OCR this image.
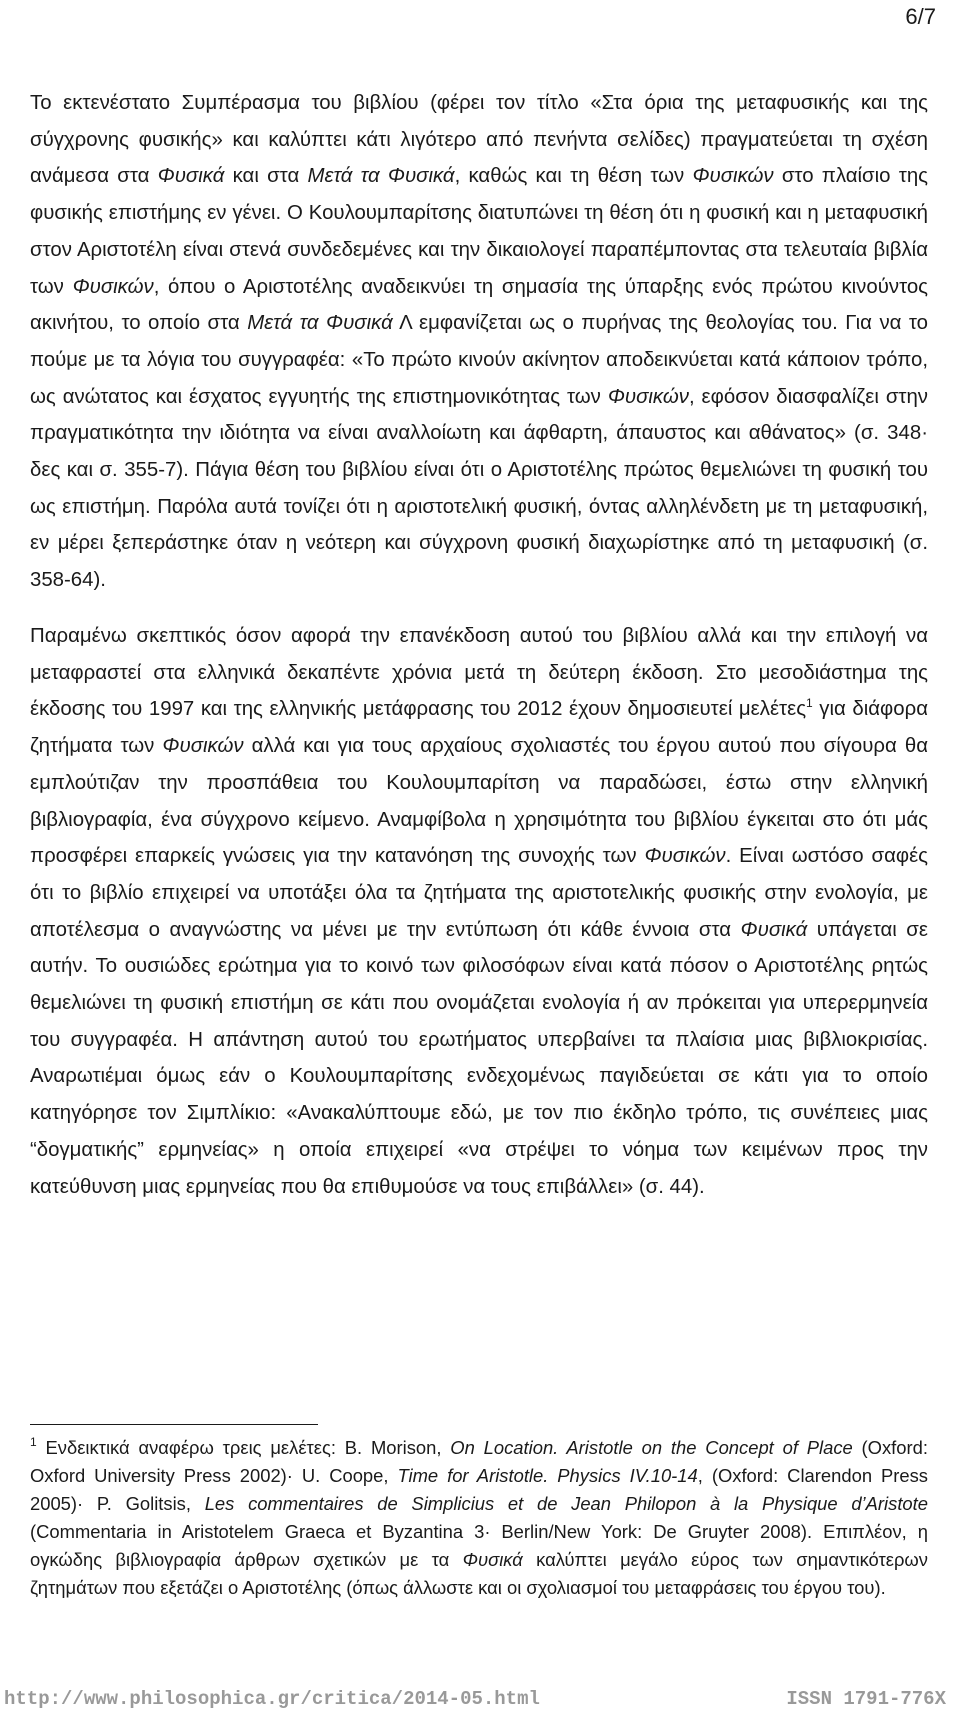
6/7

Το εκτενέστατο Συμπέρασμα του βιβλίου (φέρει τον τίτλο «Στα όρια της μεταφυσικής και της σύγχρονης φυσικής» και καλύπτει κάτι λιγότερο από πενήντα σελίδες) πραγματεύεται τη σχέση ανάμεσα στα Φυσικά και στα Μετά τα Φυσικά, καθώς και τη θέση των Φυσικών στο πλαίσιο της φυσικής επιστήμης εν γένει. Ο Κουλουμπαρίτσης διατυπώνει τη θέση ότι η φυσική και η μεταφυσική στον Αριστοτέλη είναι στενά συνδεδεμένες και την δικαιολογεί παραπέμποντας στα τελευταία βιβλία των Φυσικών, όπου ο Αριστοτέλης αναδεικνύει τη σημασία της ύπαρξης ενός πρώτου κινούντος ακινήτου, το οποίο στα Μετά τα Φυσικά Λ εμφανίζεται ως ο πυρήνας της θεολογίας του. Για να το πούμε με τα λόγια του συγγραφέα: «Το πρώτο κινούν ακίνητον αποδεικνύεται κατά κάποιον τρόπο, ως ανώτατος και έσχατος εγγυητής της επιστημονικότητας των Φυσικών, εφόσον διασφαλίζει στην πραγματικότητα την ιδιότητα να είναι αναλλοίωτη και άφθαρτη, άπαυστος και αθάνατος» (σ. 348· δες και σ. 355-7). Πάγια θέση του βιβλίου είναι ότι ο Αριστοτέλης πρώτος θεμελιώνει τη φυσική του ως επιστήμη. Παρόλα αυτά τονίζει ότι η αριστοτελική φυσική, όντας αλληλένδετη με τη μεταφυσική, εν μέρει ξεπεράστηκε όταν η νεότερη και σύγχρονη φυσική διαχωρίστηκε από τη μεταφυσική (σ. 358-64).

Παραμένω σκεπτικός όσον αφορά την επανέκδοση αυτού του βιβλίου αλλά και την επιλογή να μεταφραστεί στα ελληνικά δεκαπέντε χρόνια μετά τη δεύτερη έκδοση. Στο μεσοδιάστημα της έκδοσης του 1997 και της ελληνικής μετάφρασης του 2012 έχουν δημοσιευτεί μελέτες$^1$ για διάφορα ζητήματα των Φυσικών αλλά και για τους αρχαίους σχολιαστές του έργου αυτού που σίγουρα θα εμπλούτιζαν την προσπάθεια του Κουλουμπαρίτση να παραδώσει, έστω στην ελληνική βιβλιογραφία, ένα σύγχρονο κείμενο. Αναμφίβολα η χρησιμότητα του βιβλίου έγκειται στο ότι μάς προσφέρει επαρκείς γνώσεις για την κατανόηση της συνοχής των Φυσικών. Είναι ωστόσο σαφές ότι το βιβλίο επιχειρεί να υποτάξει όλα τα ζητήματα της αριστοτελικής φυσικής στην ενολογία, με αποτέλεσμα ο αναγνώστης να μένει με την εντύπωση ότι κάθε έννοια στα Φυσικά υπάγεται σε αυτήν. Το ουσιώδες ερώτημα για το κοινό των φιλοσόφων είναι κατά πόσον ο Αριστοτέλης ρητώς θεμελιώνει τη φυσική επιστήμη σε κάτι που ονομάζεται ενολογία ή αν πρόκειται για υπερερμηνεία του συγγραφέα. Η απάντηση αυτού του ερωτήματος υπερβαίνει τα πλαίσια μιας βιβλιοκρισίας. Αναρωτιέμαι όμως εάν ο Κουλουμπαρίτσης ενδεχομένως παγιδεύεται σε κάτι για το οποίο κατηγόρησε τον Σιμπλίκιο: «Ανακαλύπτουμε εδώ, με τον πιο έκδηλο τρόπο, τις συνέπειες μιας “δογματικής” ερμηνείας» η οποία επιχειρεί «να στρέψει το νόημα των κειμένων προς την κατεύθυνση μιας ερμηνείας που θα επιθυμούσε να τους επιβάλλει» (σ. 44).

$^1$ Ενδεικτικά αναφέρω τρεις μελέτες: B. Morison, On Location. Aristotle on the Concept of Place (Oxford: Oxford University Press 2002)· U. Coope, Time for Aristotle. Physics IV.10-14, (Oxford: Clarendon Press 2005)· P. Golitsis, Les commentaires de Simplicius et de Jean Philopon à la Physique d’Aristote (Commentaria in Aristotelem Graeca et Byzantina 3· Berlin/New York: De Gruyter 2008). Επιπλέον, η ογκώδης βιβλιογραφία άρθρων σχετικών με τα Φυσικά καλύπτει μεγάλο εύρος των σημαντικότερων ζητημάτων που εξετάζει ο Αριστοτέλης (όπως άλλωστε και οι σχολιασμοί του μεταφράσεις του έργου του).

http://www.philosophica.gr/critica/2014-05.html	ISSN 1791-776X
